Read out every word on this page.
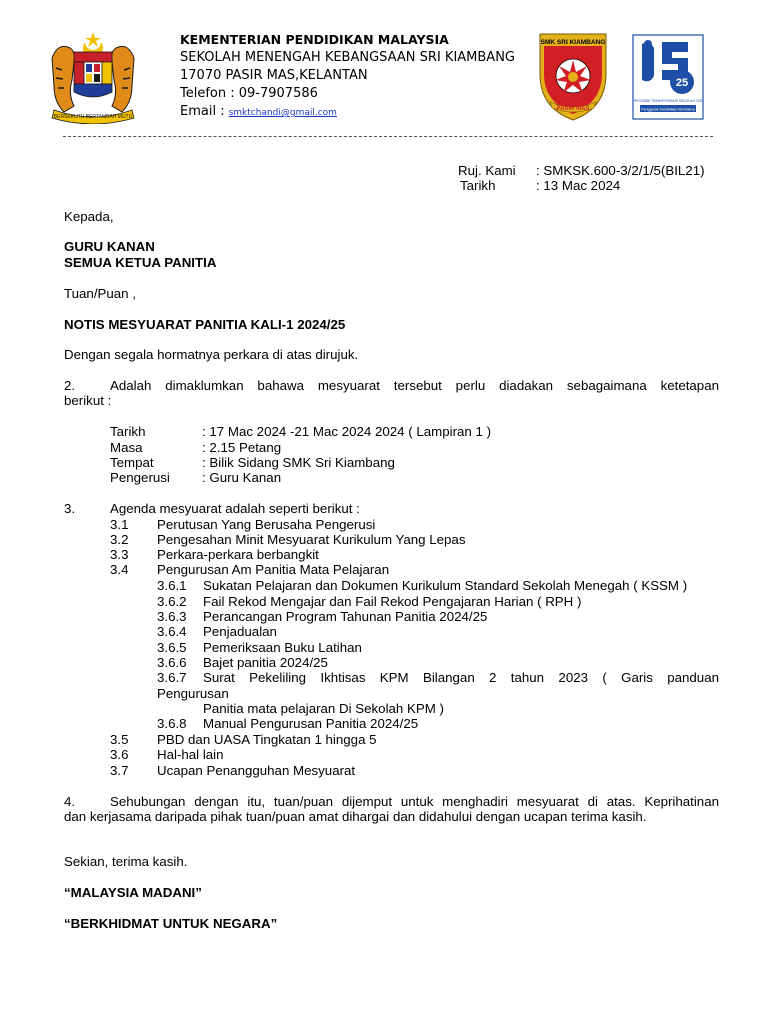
BERSEKUTU BERTAMBAH MUTU
KEMENTERIAN PENDIDIKAN MALAYSIA
SEKOLAH MENENGAH KEBANGSAAN SRI KIAMBANG
17070 PASIR MAS,KELANTAN
Telefon : 09-7907586
Email : smktchandi@gmail.com
SMK SRI KIAMBANG
PASIR MAS
25
PROGRAM TRANSFORMASI SEKOLAH 2025
Penggerak Pendidikan Bermakna
Ruj. Kami : SMKSK.600-3/2/1/5(BIL21)
Tarikh	: 13 Mac 2024
Kepada,
GURU KANAN
SEMUA KETUA PANITIA
Tuan/Puan ,
NOTIS MESYUARAT PANITIA KALI-1 2024/25
Dengan segala hormatnya perkara di atas dirujuk.
2.	Adalah dimaklumkan bahawa mesyuarat tersebut perlu diadakan sebagaimana ketetapan
berikut :
Tarikh	: 17 Mac 2024 -21 Mac 2024 2024 ( Lampiran 1 )
Masa	: 2.15 Petang
Tempat	: Bilik Sidang SMK Sri Kiambang
Pengerusi : Guru Kanan
3.	Agenda mesyuarat adalah seperti berikut :
3.1 Perutusan Yang Berusaha Pengerusi
3.2 Pengesahan Minit Mesyuarat Kurikulum Yang Lepas
3.3 Perkara-perkara berbangkit
3.4 Pengurusan Am Panitia Mata Pelajaran
3.6.1 Sukatan Pelajaran dan Dokumen Kurikulum Standard Sekolah Menegah ( KSSM )
3.6.2 Fail Rekod Mengajar dan Fail Rekod Pengajaran Harian ( RPH )
3.6.3 Perancangan Program Tahunan Panitia 2024/25
3.6.4 Penjadualan
3.6.5 Pemeriksaan Buku Latihan
3.6.6 Bajet panitia 2024/25
3.6.7 Surat Pekeliling Ikhtisas KPM Bilangan 2 tahun 2023 ( Garis panduan
Pengurusan
Panitia mata pelajaran Di Sekolah KPM )
3.6.8 Manual Pengurusan Panitia 2024/25
3.5 PBD dan UASA Tingkatan 1 hingga 5
3.6 Hal-hal lain
3.7 Ucapan Penangguhan Mesyuarat
4.	Sehubungan dengan itu, tuan/puan dijemput untuk menghadiri mesyuarat di atas. Keprihatinan
dan kerjasama daripada pihak tuan/puan amat dihargai dan didahului dengan ucapan terima kasih.
Sekian, terima kasih.
“MALAYSIA MADANI”
“BERKHIDMAT UNTUK NEGARA”
